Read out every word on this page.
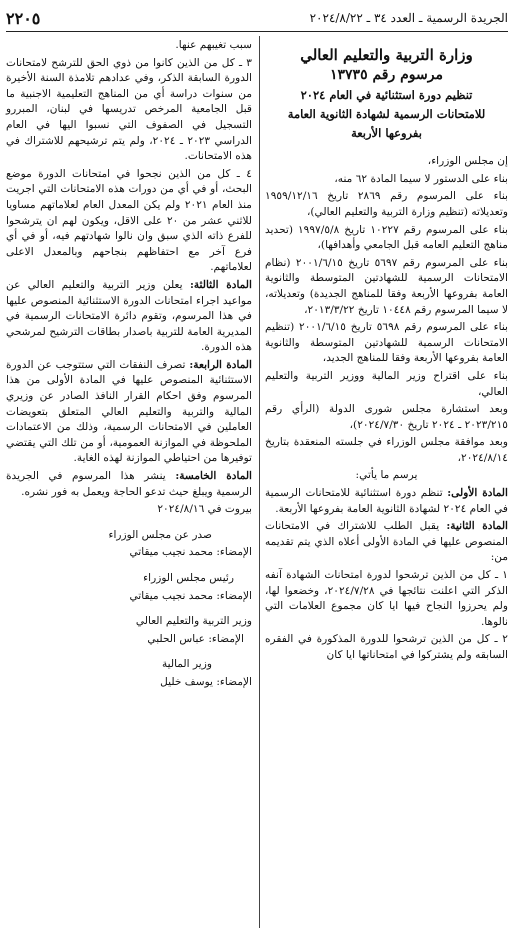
الجريدة الرسمية ـ العدد ٣٤ ـ ٢٠٢٤/٨/٢٢
٢٢٠٥
وزارة التربية والتعليم العالي
مرسوم رقم ١٣٧٣٥

تنظيم دورة استثنائية في العام ٢٠٢٤

للامتحانات الرسمية لشهادة الثانوية العامة

بفروعها الأربعة

إن مجلس الوزراء،

بناء على الدستور لا سيما المادة ٦٢ منه،

بناء على المرسوم رقم ٢٨٦٩ تاريخ ١٩٥٩/١٢/١٦ وتعديلاته (تنظيم وزارة التربية والتعليم العالي)،

بناء على المرسوم رقم ١٠٢٢٧ تاريخ ١٩٩٧/٥/٨ (تحديد مناهج التعليم العامه قبل الجامعي وأهدافها)،

بناء على المرسوم رقم ٥٦٩٧ تاريخ ٢٠٠١/٦/١٥ (نظام الامتحانات الرسمية للشهادتين المتوسطة والثانوية العامة بفروعها الأربعة وفقا للمناهج الجديدة) وتعديلاته، لا سيما المرسوم رقم ١٠٤٤٨ تاريخ ٢٠١٣/٣/٢٢،

بناء على المرسوم رقم ٥٦٩٨ تاريخ ٢٠٠١/٦/١٥ (تنظيم الامتحانات الرسمية للشهادتين المتوسطة والثانوية العامة بفروعها الأربعة وفقا للمناهج الجديد،

بناء على اقتراح وزير المالية ووزير التربية والتعليم العالي،

وبعد استشارة مجلس شورى الدولة (الرأي رقم ٢٠٢٣/٢١٥ ـ ٢٠٢٤ تاريخ ٢٠٢٤/٧/٣٠)،

وبعد موافقة مجلس الوزراء في جلسته المنعقدة بتاريخ ٢٠٢٤/٨/١٤،

يرسم ما يأتي:

المادة الأولى: تنظم دورة استثنائية للامتحانات الرسمية في العام ٢٠٢٤ لشهادة الثانوية العامة بفروعها الأربعة.

المادة الثانية: يقبل الطلب للاشتراك في الامتحانات المنصوص عليها في المادة الأولى أعلاه الذي يتم تقديمه من:

١ ـ كل من الذين ترشحوا لدورة امتحانات الشهادة آنفه الذكر التي اعلنت نتائجها في ٢٠٢٤/٧/٢٨، وخضعوا لها، ولم يحرزوا النجاح فيها ايا كان مجموع العلامات التي نالوها.

٢ ـ كل من الذين ترشحوا للدورة المذكورة في الفقره السابقه ولم يشتركوا في امتحاناتها ايا كان

سبب تغيبهم عنها.

٣ ـ كل من الذين كانوا من ذوي الحق للترشح لامتحانات الدورة السابقة الذكر، وفي عدادهم تلامذة السنة الأخيرة من سنوات دراسة أي من المناهج التعليمية الاجنبية ما قبل الجامعية المرخص تدريسها في لبنان، المبررو التسجيل في الصفوف التي نسبوا اليها في العام الدراسي ٢٠٢٣ ـ ٢٠٢٤، ولم يتم ترشيحهم للاشتراك في هذه الامتحانات.

٤ ـ كل من الذين نجحوا في امتحانات الدورة موضع البحث، أو في أي من دورات هذه الامتحانات التي اجريت منذ العام ٢٠٢١ ولم يكن المعدل العام لعلاماتهم مساويا للاثني عشر من ٢٠ على الاقل، ويكون لهم ان يترشحوا للفرع ذاته الذي سبق وان نالوا شهادتهم فيه، أو في أي فرع آخر مع احتفاظهم بنجاحهم وبالمعدل الاعلى لعلاماتهم.

المادة الثالثة: يعلن وزير التربية والتعليم العالي عن مواعيد اجراء امتحانات الدورة الاستثنائية المنصوص عليها في هذا المرسوم، وتقوم دائرة الامتحانات الرسمية في المديرية العامة للتربية باصدار بطاقات الترشيح لمرشحي هذه الدورة.

المادة الرابعة: تصرف النفقات التي ستتوجب عن الدورة الاستثنائية المنصوص عليها في المادة الأولى من هذا المرسوم وفق احكام القرار النافذ الصادر عن وزيري المالية والتربية والتعليم العالي المتعلق بتعويضات العاملين في الامتحانات الرسمية، وذلك من الاعتمادات الملحوظة في الموازنة العمومية، أو من تلك التي يقتضي توفيرها من احتياطي الموازنة لهذه الغاية.

المادة الخامسة: ينشر هذا المرسوم في الجريدة الرسمية ويبلغ حيث تدعو الحاجة ويعمل به فور نشره.

بيروت في ٢٠٢٤/٨/١٦

صدر عن مجلس الوزراء

الإمضاء: محمد نجيب ميقاتي

رئيس مجلس الوزراء

الإمضاء: محمد نجيب ميقاتي

وزير التربية والتعليم العالي

الإمضاء: عباس الحلبي

وزير المالية

الإمضاء: يوسف خليل
